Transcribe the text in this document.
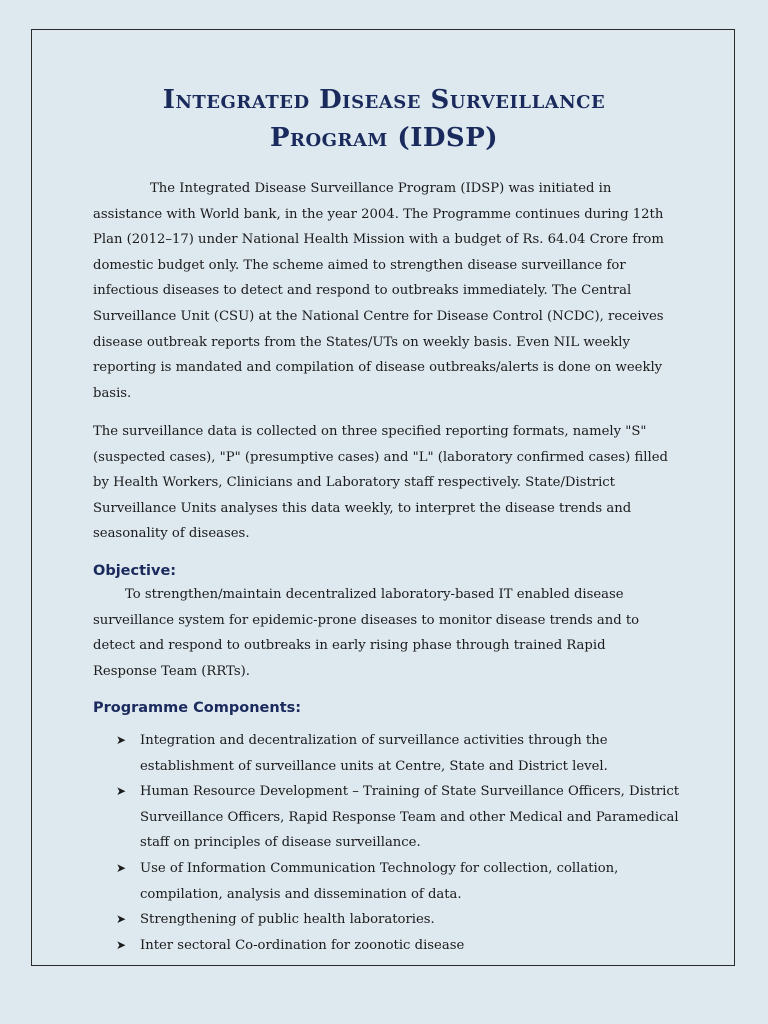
Integrated Disease Surveillance
Program (IDSP)

The Integrated Disease Surveillance Program (IDSP) was initiated in assistance with World bank, in the year 2004. The Programme continues during 12th Plan (2012–17) under National Health Mission with a budget of Rs. 64.04 Crore from domestic budget only. The scheme aimed to strengthen disease surveillance for infectious diseases to detect and respond to outbreaks immediately. The Central Surveillance Unit (CSU) at the National Centre for Disease Control (NCDC), receives disease outbreak reports from the States/UTs on weekly basis. Even NIL weekly reporting is mandated and compilation of disease outbreaks/alerts is done on weekly basis.

The surveillance data is collected on three specified reporting formats, namely "S" (suspected cases), "P" (presumptive cases) and "L" (laboratory confirmed cases) filled by Health Workers, Clinicians and Laboratory staff respectively. State/District Surveillance Units analyses this data weekly, to interpret the disease trends and seasonality of diseases.

Objective:

To strengthen/maintain decentralized laboratory-based IT enabled disease surveillance system for epidemic-prone diseases to monitor disease trends and to detect and respond to outbreaks in early rising phase through trained Rapid Response Team (RRTs).

Programme Components:
➤ Integration and decentralization of surveillance activities through the establishment of surveillance units at Centre, State and District level.
➤ Human Resource Development – Training of State Surveillance Officers, District Surveillance Officers, Rapid Response Team and other Medical and Paramedical staff on principles of disease surveillance.
➤ Use of Information Communication Technology for collection, collation, compilation, analysis and dissemination of data.
➤ Strengthening of public health laboratories.
➤ Inter sectoral Co-ordination for zoonotic disease
